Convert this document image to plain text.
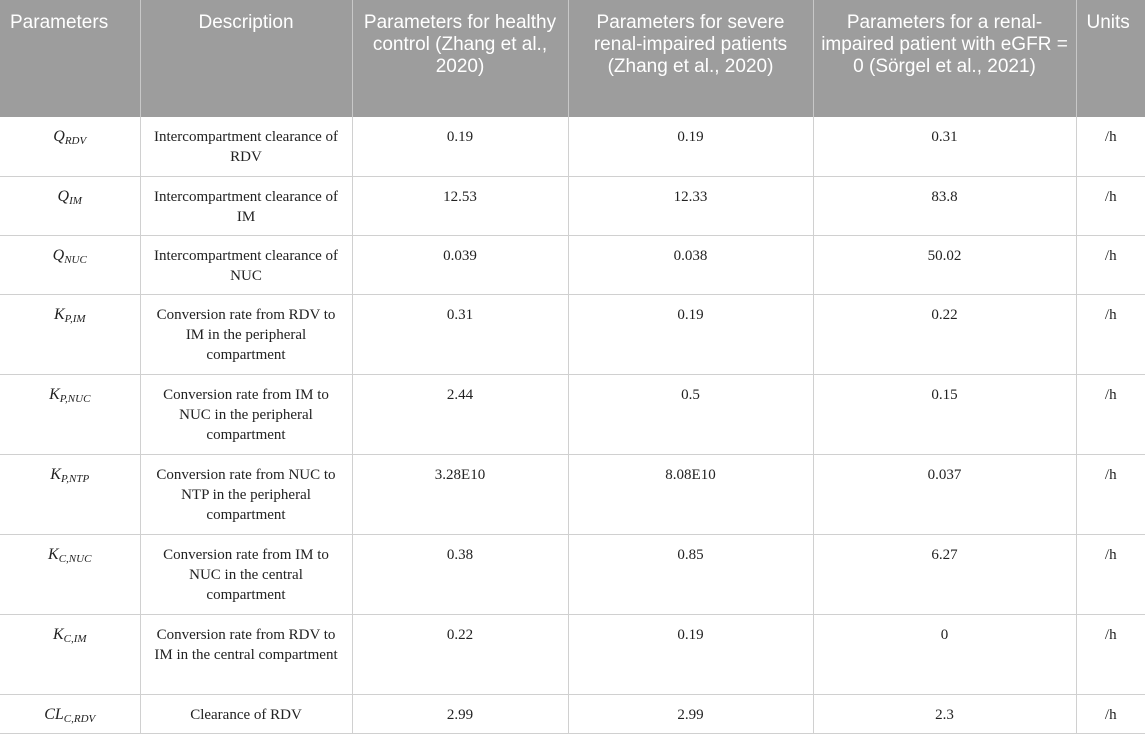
Parameters	Description	Parameters for healthy control (Zhang et al., 2020)	Parameters for severe renal-impaired patients (Zhang et al., 2020)	Parameters for a renal-impaired patient with eGFR = 0 (Sörgel et al., 2021)	Units
$Q_{RDV}$	Intercompartment clearance of RDV	0.19	0.19	0.31	/h
$Q_{IM}$	Intercompartment clearance of IM	12.53	12.33	83.8	/h
$Q_{NUC}$	Intercompartment clearance of NUC	0.039	0.038	50.02	/h
$K_{P,IM}$	Conversion rate from RDV to IM in the peripheral compartment	0.31	0.19	0.22	/h
$K_{P,NUC}$	Conversion rate from IM to NUC in the peripheral compartment	2.44	0.5	0.15	/h
$K_{P,NTP}$	Conversion rate from NUC to NTP in the peripheral compartment	3.28E10	8.08E10	0.037	/h
$K_{C,NUC}$	Conversion rate from IM to NUC in the central compartment	0.38	0.85	6.27	/h
$K_{C,IM}$	Conversion rate from RDV to IM in the central compartment	0.22	0.19	0	/h
$CL_{C,RDV}$	Clearance of RDV	2.99	2.99	2.3	/h
